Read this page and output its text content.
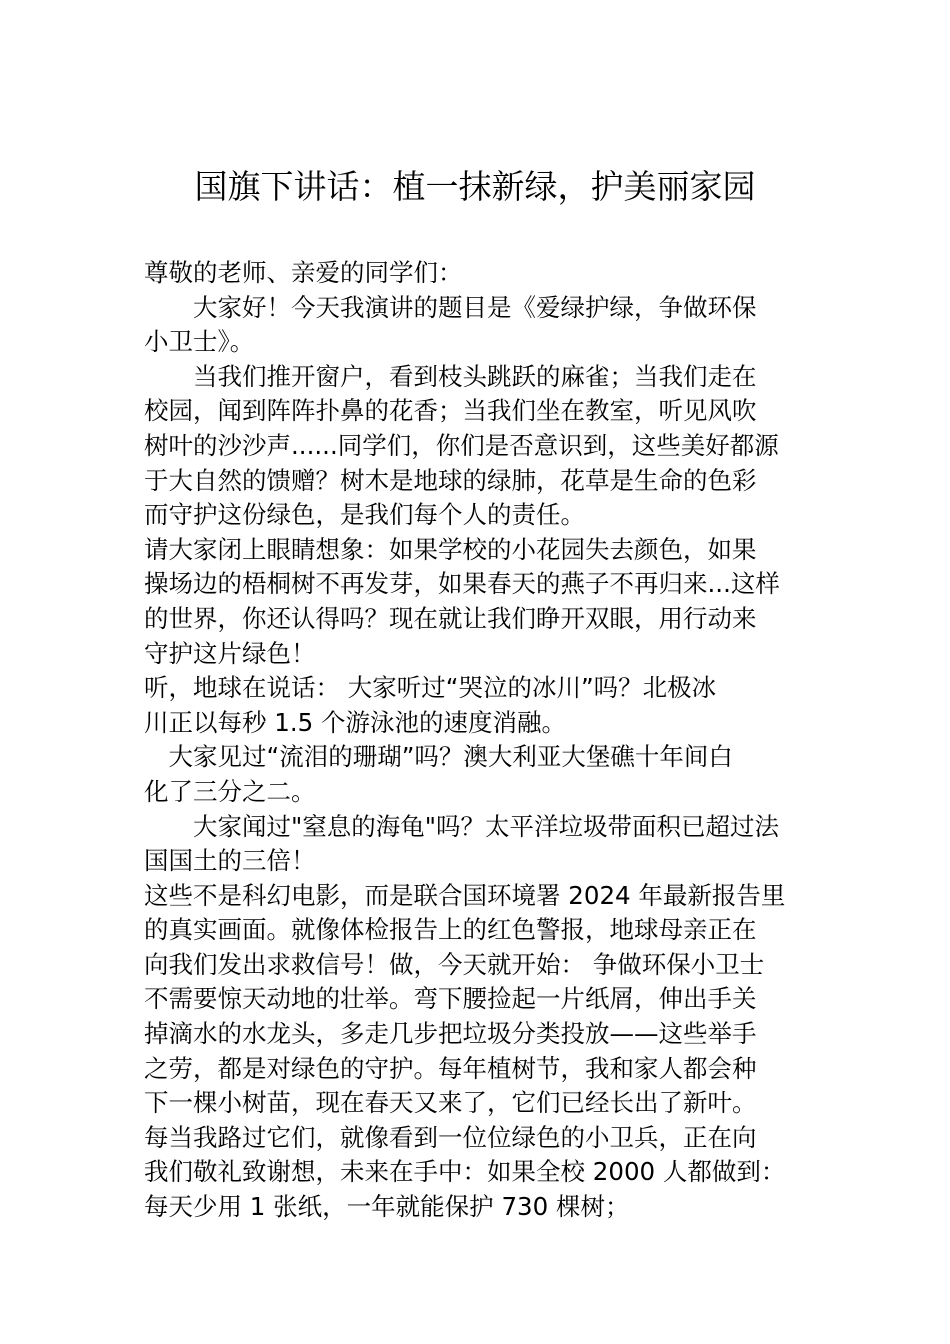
国旗下讲话：植一抹新绿，护美丽家园
尊敬的老师、亲爱的同学们：
　　大家好！今天我演讲的题目是《爱绿护绿，争做环保
小卫士》。
　　当我们推开窗户，看到枝头跳跃的麻雀；当我们走在
校园，闻到阵阵扑鼻的花香；当我们坐在教室，听见风吹
树叶的沙沙声......同学们，你们是否意识到，这些美好都源
于大自然的馈赠？树木是地球的绿肺，花草是生命的色彩
而守护这份绿色，是我们每个人的责任。
请大家闭上眼睛想象：如果学校的小花园失去颜色，如果
操场边的梧桐树不再发芽，如果春天的燕子不再归来...这样
的世界，你还认得吗？现在就让我们睁开双眼，用行动来
守护这片绿色！
听，地球在说话： 大家听过“哭泣的冰川”吗？北极冰
川正以每秒 1.5 个游泳池的速度消融。
　大家见过“流泪的珊瑚”吗？澳大利亚大堡礁十年间白
化了三分之二。
　　大家闻过"窒息的海龟"吗？太平洋垃圾带面积已超过法
国国土的三倍！
这些不是科幻电影，而是联合国环境署 2024 年最新报告里
的真实画面。就像体检报告上的红色警报，地球母亲正在
向我们发出求救信号！做，今天就开始： 争做环保小卫士
不需要惊天动地的壮举。弯下腰捡起一片纸屑，伸出手关
掉滴水的水龙头，多走几步把垃圾分类投放——这些举手
之劳，都是对绿色的守护。每年植树节，我和家人都会种
下一棵小树苗，现在春天又来了，它们已经长出了新叶。
每当我路过它们，就像看到一位位绿色的小卫兵，正在向
我们敬礼致谢想，未来在手中：如果全校 2000 人都做到：
每天少用 1 张纸，一年就能保护 730 棵树；
